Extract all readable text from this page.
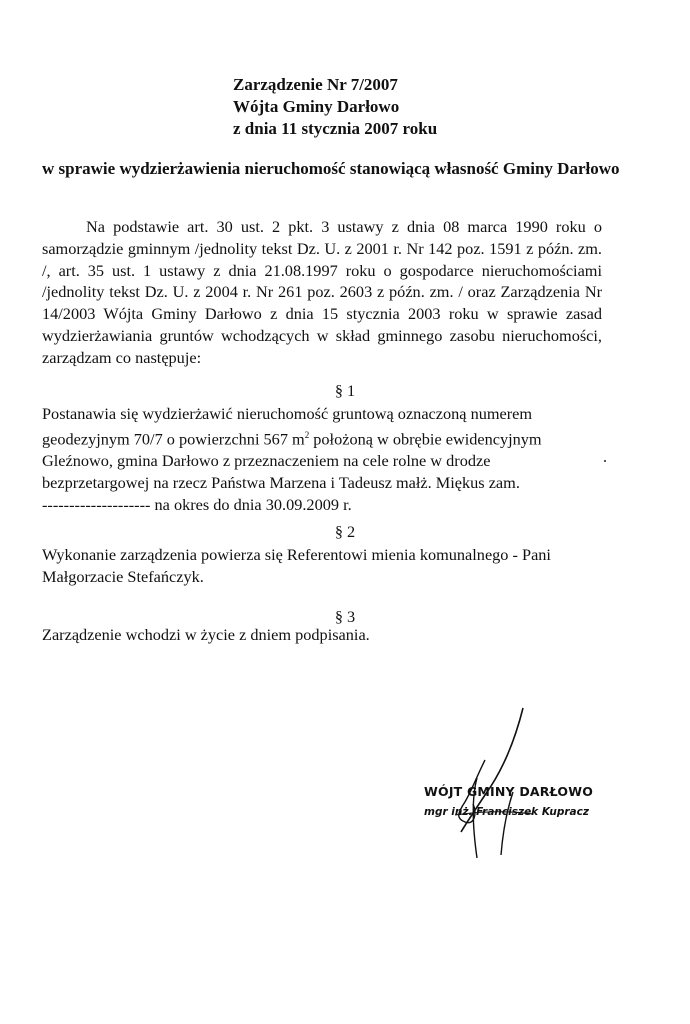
Zarządzenie Nr 7/2007
Wójta Gminy Darłowo
z dnia 11 stycznia 2007 roku
w sprawie wydzierżawienia nieruchomość stanowiącą własność Gminy Darłowo
Na podstawie art. 30 ust. 2 pkt. 3 ustawy z dnia 08 marca 1990 roku o samorządzie gminnym /jednolity tekst Dz. U. z 2001 r. Nr 142 poz. 1591 z późn. zm. /, art. 35 ust. 1 ustawy z dnia 21.08.1997 roku o gospodarce nieruchomościami /jednolity tekst Dz. U. z 2004 r. Nr 261 poz. 2603 z późn. zm. / oraz Zarządzenia Nr 14/2003 Wójta Gminy Darłowo z dnia 15 stycznia 2003 roku w sprawie zasad wydzierżawiania gruntów wchodzących w skład gminnego zasobu nieruchomości, zarządzam co następuje:
§ 1
Postanawia się wydzierżawić nieruchomość gruntową oznaczoną numerem
geodezyjnym 70/7 o powierzchni 567 $m^2$ położoną w obrębie ewidencyjnym
Gleźnowo, gmina Darłowo z przeznaczeniem na cele rolne w drodze
bezprzetargowej na rzecz Państwa Marzena i Tadeusz małż. Miękus zam.
-------------------- na okres do dnia 30.09.2009 r.
§ 2
Wykonanie zarządzenia powierza się Referentowi mienia komunalnego - Pani
Małgorzacie Stefańczyk.
§ 3
Zarządzenie wchodzi w życie z dniem podpisania.
WÓJT GMINY DARŁOWO
mgr inż. Franciszek Kupracz
